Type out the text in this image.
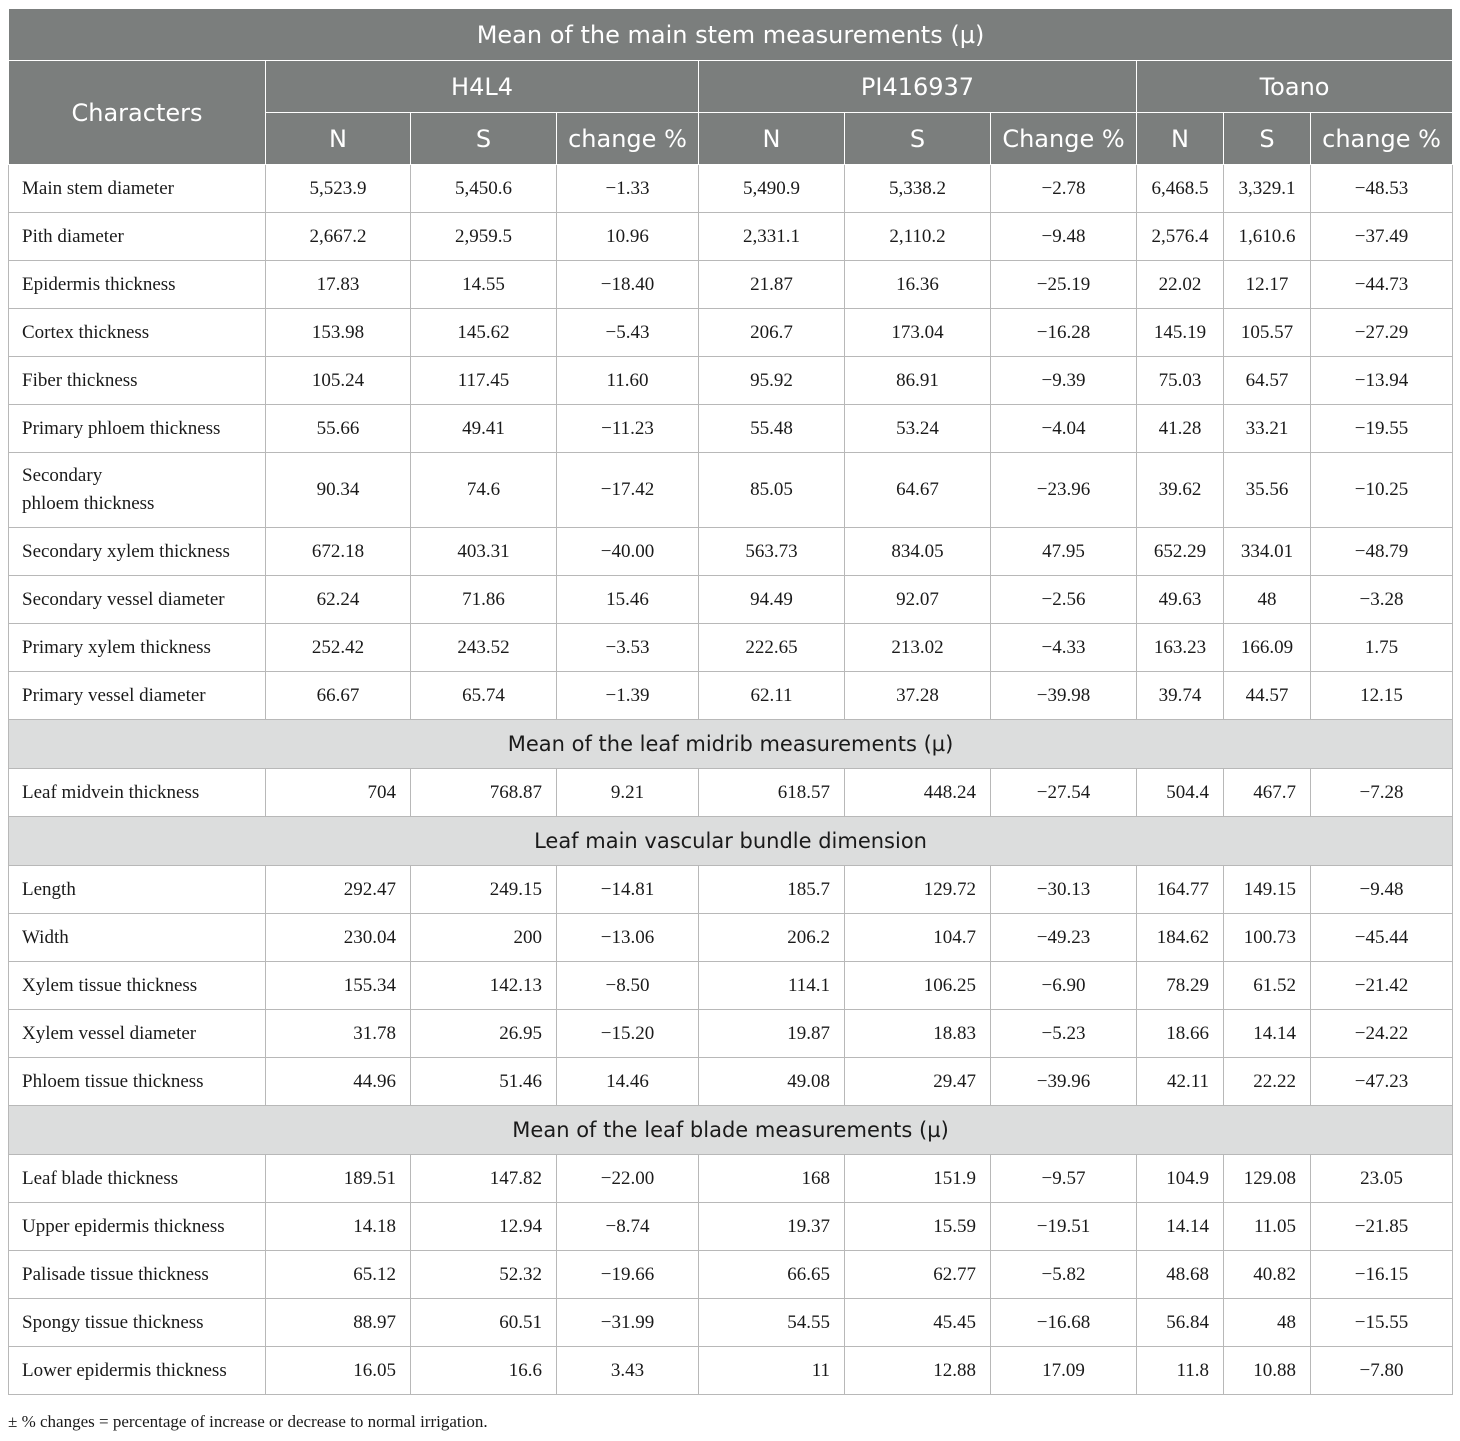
Mean of the main stem measurements (µ)									
Characters	H4L4			PI416937			Toano		
	N	S	change %	N	S	Change %	N	S	change %
Main stem diameter	5,523.9	5,450.6	−1.33	5,490.9	5,338.2	−2.78	6,468.5	3,329.1	−48.53
Pith diameter	2,667.2	2,959.5	10.96	2,331.1	2,110.2	−9.48	2,576.4	1,610.6	−37.49
Epidermis thickness	17.83	14.55	−18.40	21.87	16.36	−25.19	22.02	12.17	−44.73
Cortex thickness	153.98	145.62	−5.43	206.7	173.04	−16.28	145.19	105.57	−27.29
Fiber thickness	105.24	117.45	11.60	95.92	86.91	−9.39	75.03	64.57	−13.94
Primary phloem thickness	55.66	49.41	−11.23	55.48	53.24	−4.04	41.28	33.21	−19.55
Secondary
phloem thickness	90.34	74.6	−17.42	85.05	64.67	−23.96	39.62	35.56	−10.25
Secondary xylem thickness	672.18	403.31	−40.00	563.73	834.05	47.95	652.29	334.01	−48.79
Secondary vessel diameter	62.24	71.86	15.46	94.49	92.07	−2.56	49.63	48	−3.28
Primary xylem thickness	252.42	243.52	−3.53	222.65	213.02	−4.33	163.23	166.09	1.75
Primary vessel diameter	66.67	65.74	−1.39	62.11	37.28	−39.98	39.74	44.57	12.15
Mean of the leaf midrib measurements (µ)									
Leaf midvein thickness	704	768.87	9.21	618.57	448.24	−27.54	504.4	467.7	−7.28
Leaf main vascular bundle dimension									
Length	292.47	249.15	−14.81	185.7	129.72	−30.13	164.77	149.15	−9.48
Width	230.04	200	−13.06	206.2	104.7	−49.23	184.62	100.73	−45.44
Xylem tissue thickness	155.34	142.13	−8.50	114.1	106.25	−6.90	78.29	61.52	−21.42
Xylem vessel diameter	31.78	26.95	−15.20	19.87	18.83	−5.23	18.66	14.14	−24.22
Phloem tissue thickness	44.96	51.46	14.46	49.08	29.47	−39.96	42.11	22.22	−47.23
Mean of the leaf blade measurements (µ)									
Leaf blade thickness	189.51	147.82	−22.00	168	151.9	−9.57	104.9	129.08	23.05
Upper epidermis thickness	14.18	12.94	−8.74	19.37	15.59	−19.51	14.14	11.05	−21.85
Palisade tissue thickness	65.12	52.32	−19.66	66.65	62.77	−5.82	48.68	40.82	−16.15
Spongy tissue thickness	88.97	60.51	−31.99	54.55	45.45	−16.68	56.84	48	−15.55
Lower epidermis thickness	16.05	16.6	3.43	11	12.88	17.09	11.8	10.88	−7.80
± % changes = percentage of increase or decrease to normal irrigation.
